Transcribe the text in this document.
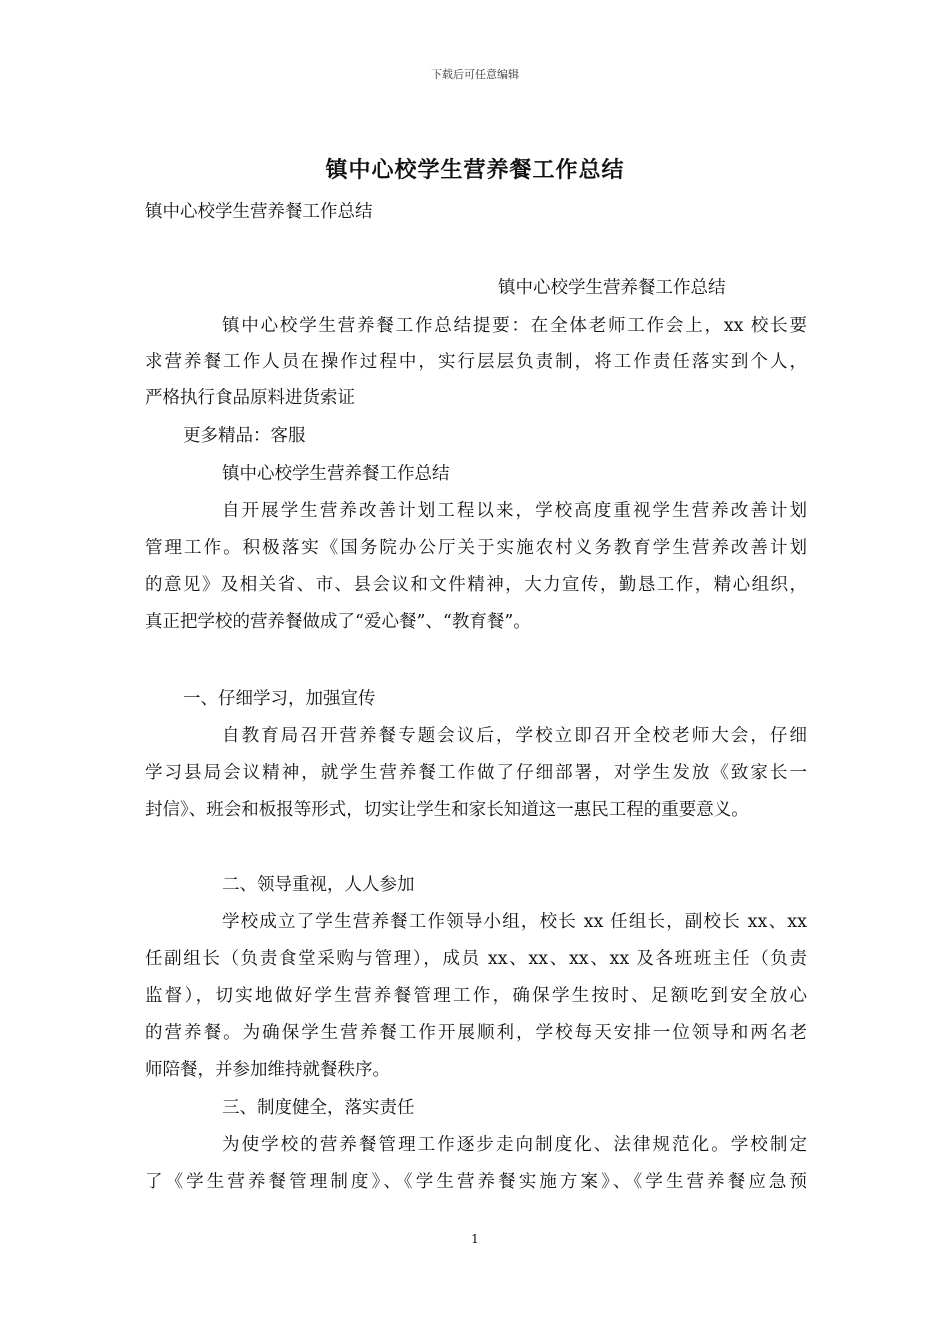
下载后可任意编辑
镇中心校学生营养餐工作总结
镇中心校学生营养餐工作总结
镇中心校学生营养餐工作总结
镇中心校学生营养餐工作总结提要：在全体老师工作会上，xx 校长要
求营养餐工作人员在操作过程中，实行层层负责制，将工作责任落实到个人，
严格执行食品原料进货索证
更多精品：客服
镇中心校学生营养餐工作总结
自开展学生营养改善计划工程以来，学校高度重视学生营养改善计划
管理工作。积极落实《国务院办公厅关于实施农村义务教育学生营养改善计划
的意见》及相关省、市、县会议和文件精神，大力宣传，勤恳工作，精心组织，
真正把学校的营养餐做成了“爱心餐”、“教育餐”。
一、仔细学习，加强宣传
自教育局召开营养餐专题会议后，学校立即召开全校老师大会，仔细
学习县局会议精神，就学生营养餐工作做了仔细部署，对学生发放《致家长一
封信》、班会和板报等形式，切实让学生和家长知道这一惠民工程的重要意义。
二、领导重视，人人参加
学校成立了学生营养餐工作领导小组，校长 xx 任组长，副校长 xx、xx
任副组长（负责食堂采购与管理），成员 xx、xx、xx、xx 及各班班主任（负责
监督），切实地做好学生营养餐管理工作，确保学生按时、足额吃到安全放心
的营养餐。为确保学生营养餐工作开展顺利，学校每天安排一位领导和两名老
师陪餐，并参加维持就餐秩序。
三、制度健全，落实责任
为使学校的营养餐管理工作逐步走向制度化、法律规范化。学校制定
了《学生营养餐管理制度》、《学生营养餐实施方案》、《学生营养餐应急预
1
